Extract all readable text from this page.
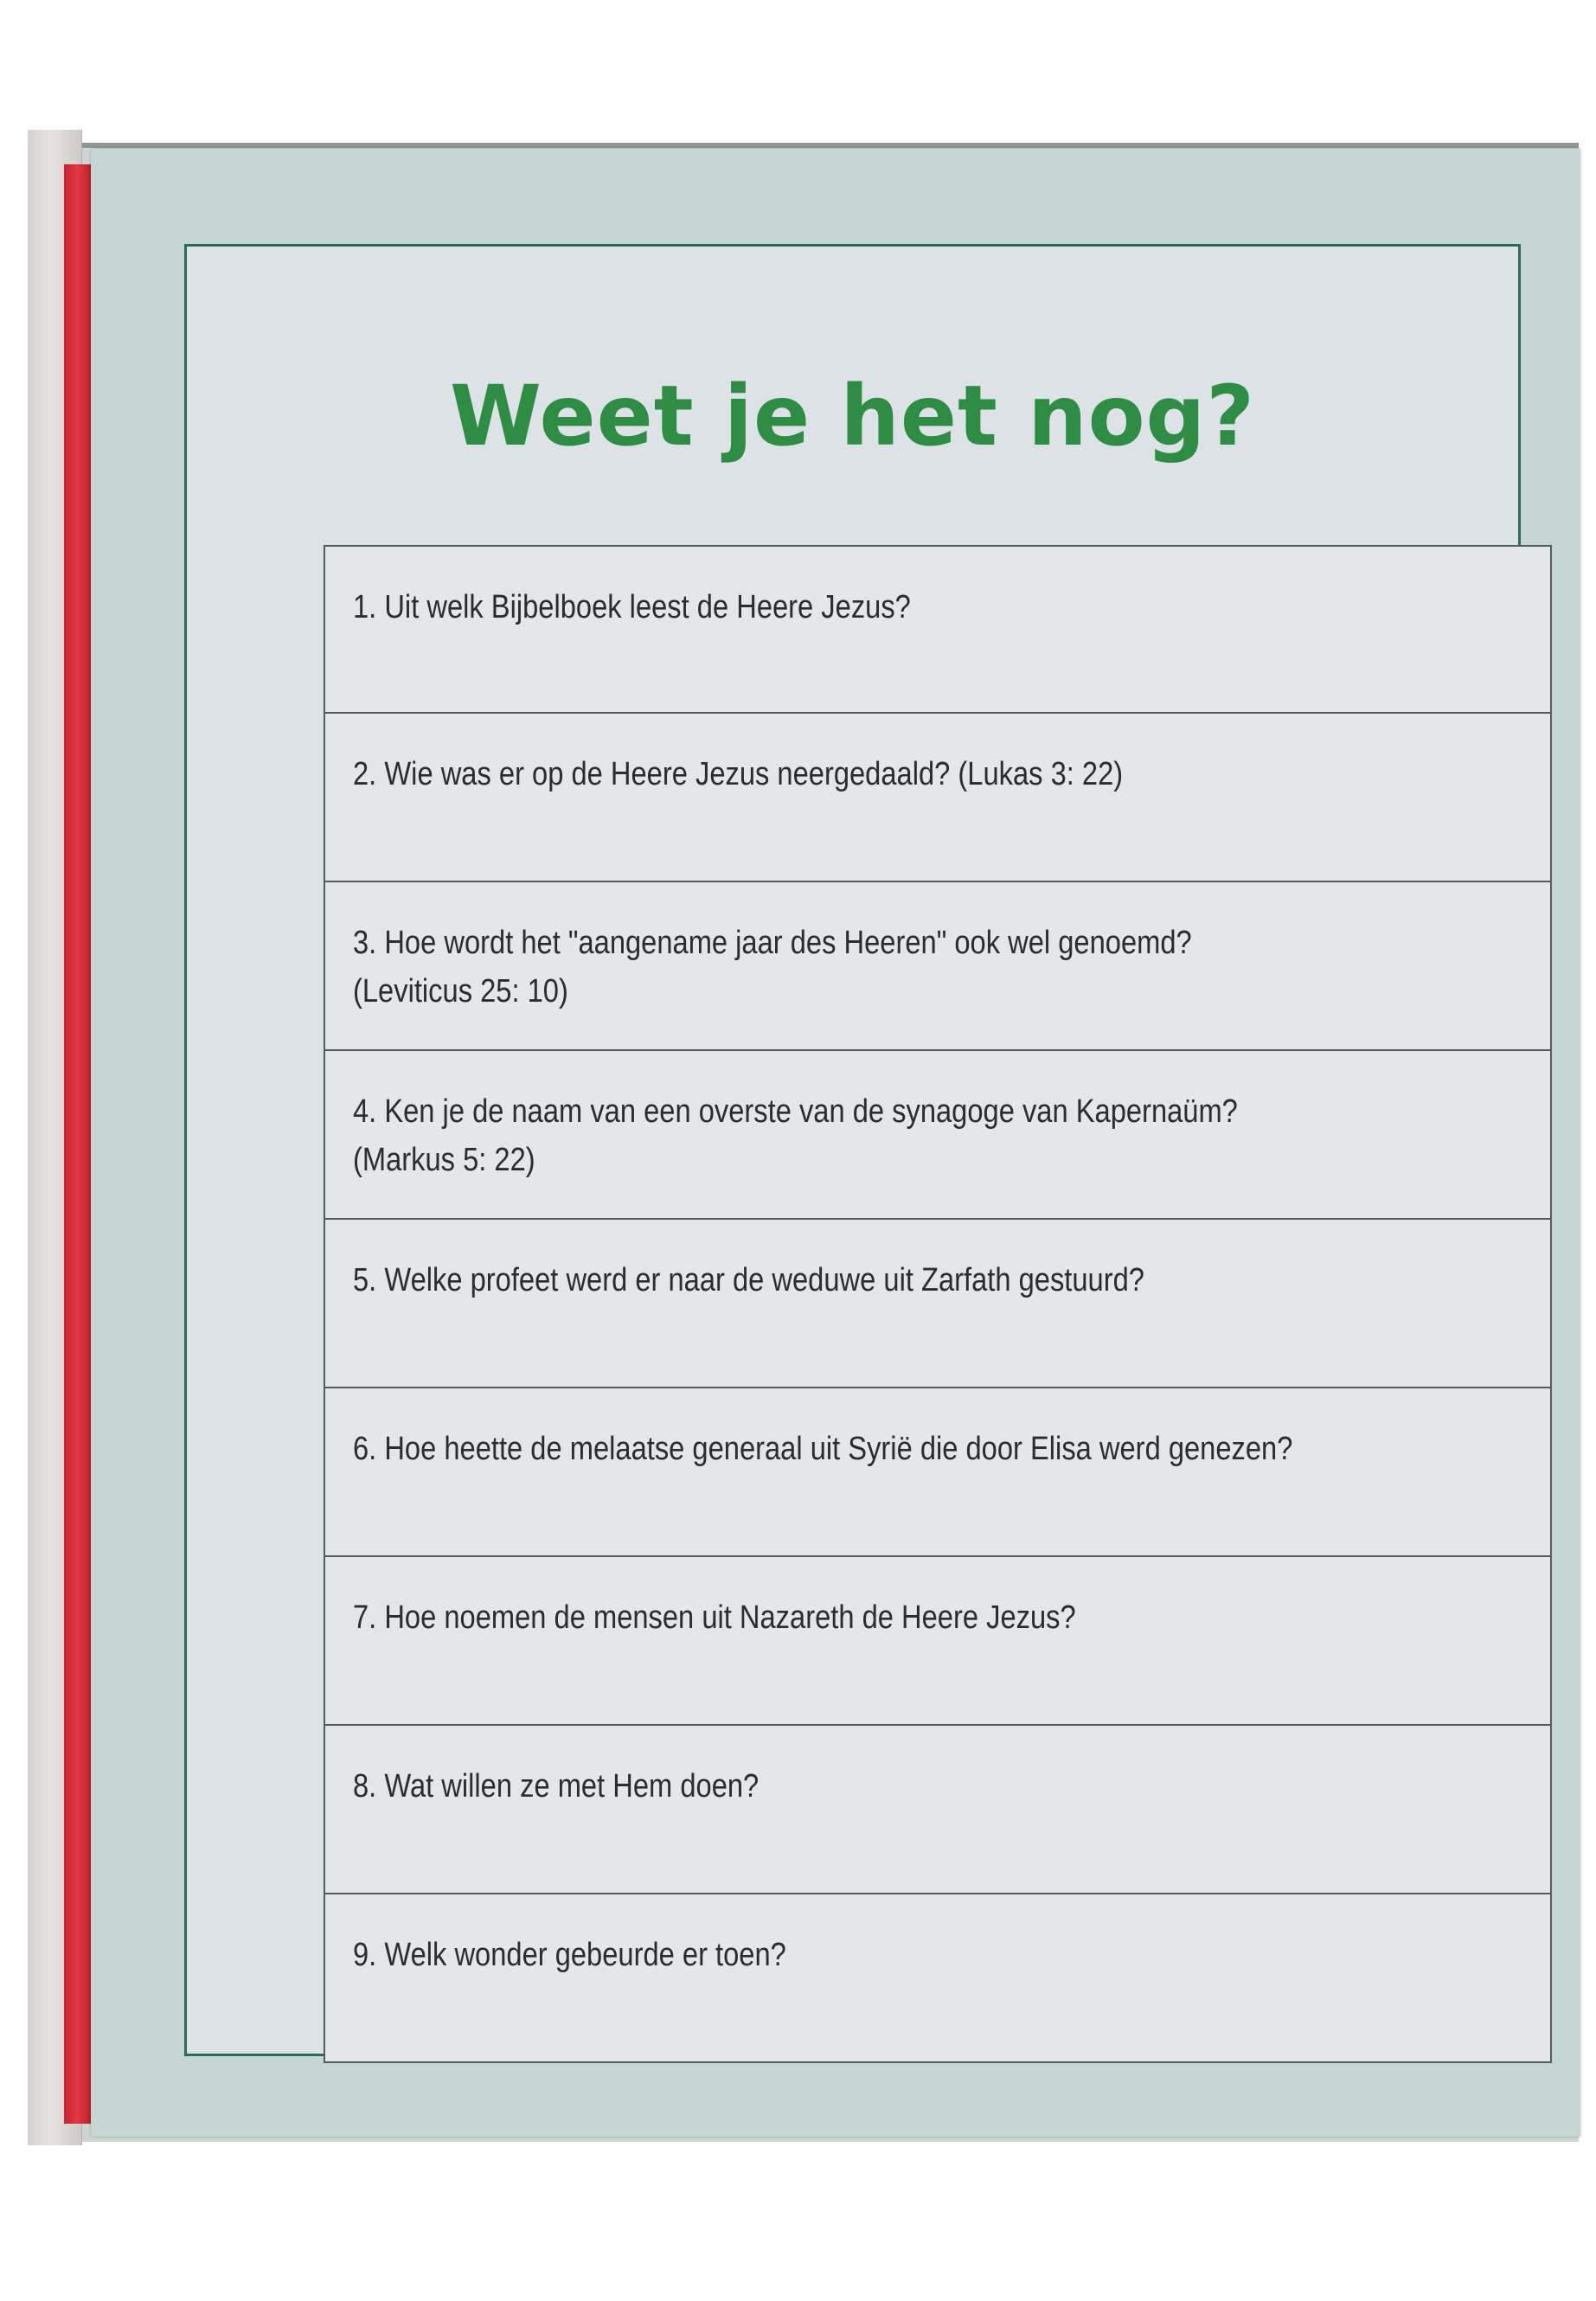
Weet je het nog?
1. Uit welk Bijbelboek leest de Heere Jezus?
2. Wie was er op de Heere Jezus neergedaald? (Lukas 3: 22)
3. Hoe wordt het "aangename jaar des Heeren" ook wel genoemd?
(Leviticus 25: 10)
4. Ken je de naam van een overste van de synagoge van Kapernaüm?
(Markus 5: 22)
5. Welke profeet werd er naar de weduwe uit Zarfath gestuurd?
6. Hoe heette de melaatse generaal uit Syrië die door Elisa werd genezen?
7. Hoe noemen de mensen uit Nazareth de Heere Jezus?
8. Wat willen ze met Hem doen?
9. Welk wonder gebeurde er toen?
